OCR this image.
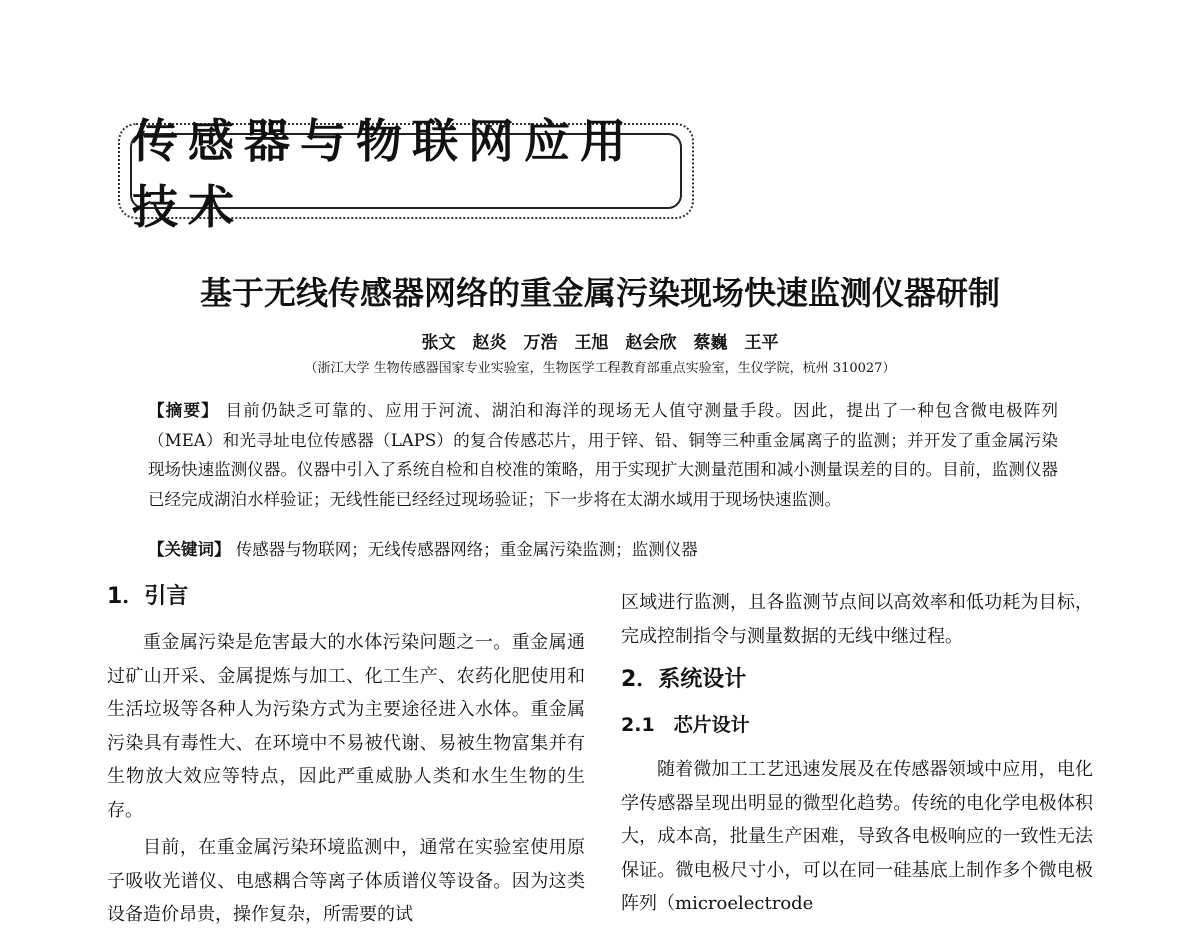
传感器与物联网应用技术
基于无线传感器网络的重金属污染现场快速监测仪器研制
张文　赵炎　万浩　王旭　赵会欣　蔡巍　王平
（浙江大学 生物传感器国家专业实验室，生物医学工程教育部重点实验室，生仪学院，杭州 310027）
【摘要】 目前仍缺乏可靠的、应用于河流、湖泊和海洋的现场无人值守测量手段。因此，提出了一种包含微电极阵列（MEA）和光寻址电位传感器（LAPS）的复合传感芯片，用于锌、铅、铜等三种重金属离子的监测；并开发了重金属污染现场快速监测仪器。仪器中引入了系统自检和自校准的策略，用于实现扩大测量范围和减小测量误差的目的。目前，监测仪器已经完成湖泊水样验证；无线性能已经经过现场验证；下一步将在太湖水域用于现场快速监测。
【关键词】 传感器与物联网；无线传感器网络；重金属污染监测；监测仪器
1．引言

重金属污染是危害最大的水体污染问题之一。重金属通过矿山开采、金属提炼与加工、化工生产、农药化肥使用和生活垃圾等各种人为污染方式为主要途径进入水体。重金属污染具有毒性大、在环境中不易被代谢、易被生物富集并有生物放大效应等特点，因此严重威胁人类和水生生物的生存。

目前，在重金属污染环境监测中，通常在实验室使用原子吸收光谱仪、电感耦合等离子体质谱仪等设备。因为这类设备造价昂贵，操作复杂，所需要的试

区域进行监测，且各监测节点间以高效率和低功耗为目标，完成控制指令与测量数据的无线中继过程。

2．系统设计
2.1　芯片设计

随着微加工工艺迅速发展及在传感器领域中应用，电化学传感器呈现出明显的微型化趋势。传统的电化学电极体积大，成本高，批量生产困难，导致各电极响应的一致性无法保证。微电极尺寸小，可以在同一硅基底上制作多个微电极阵列（microelectrode
